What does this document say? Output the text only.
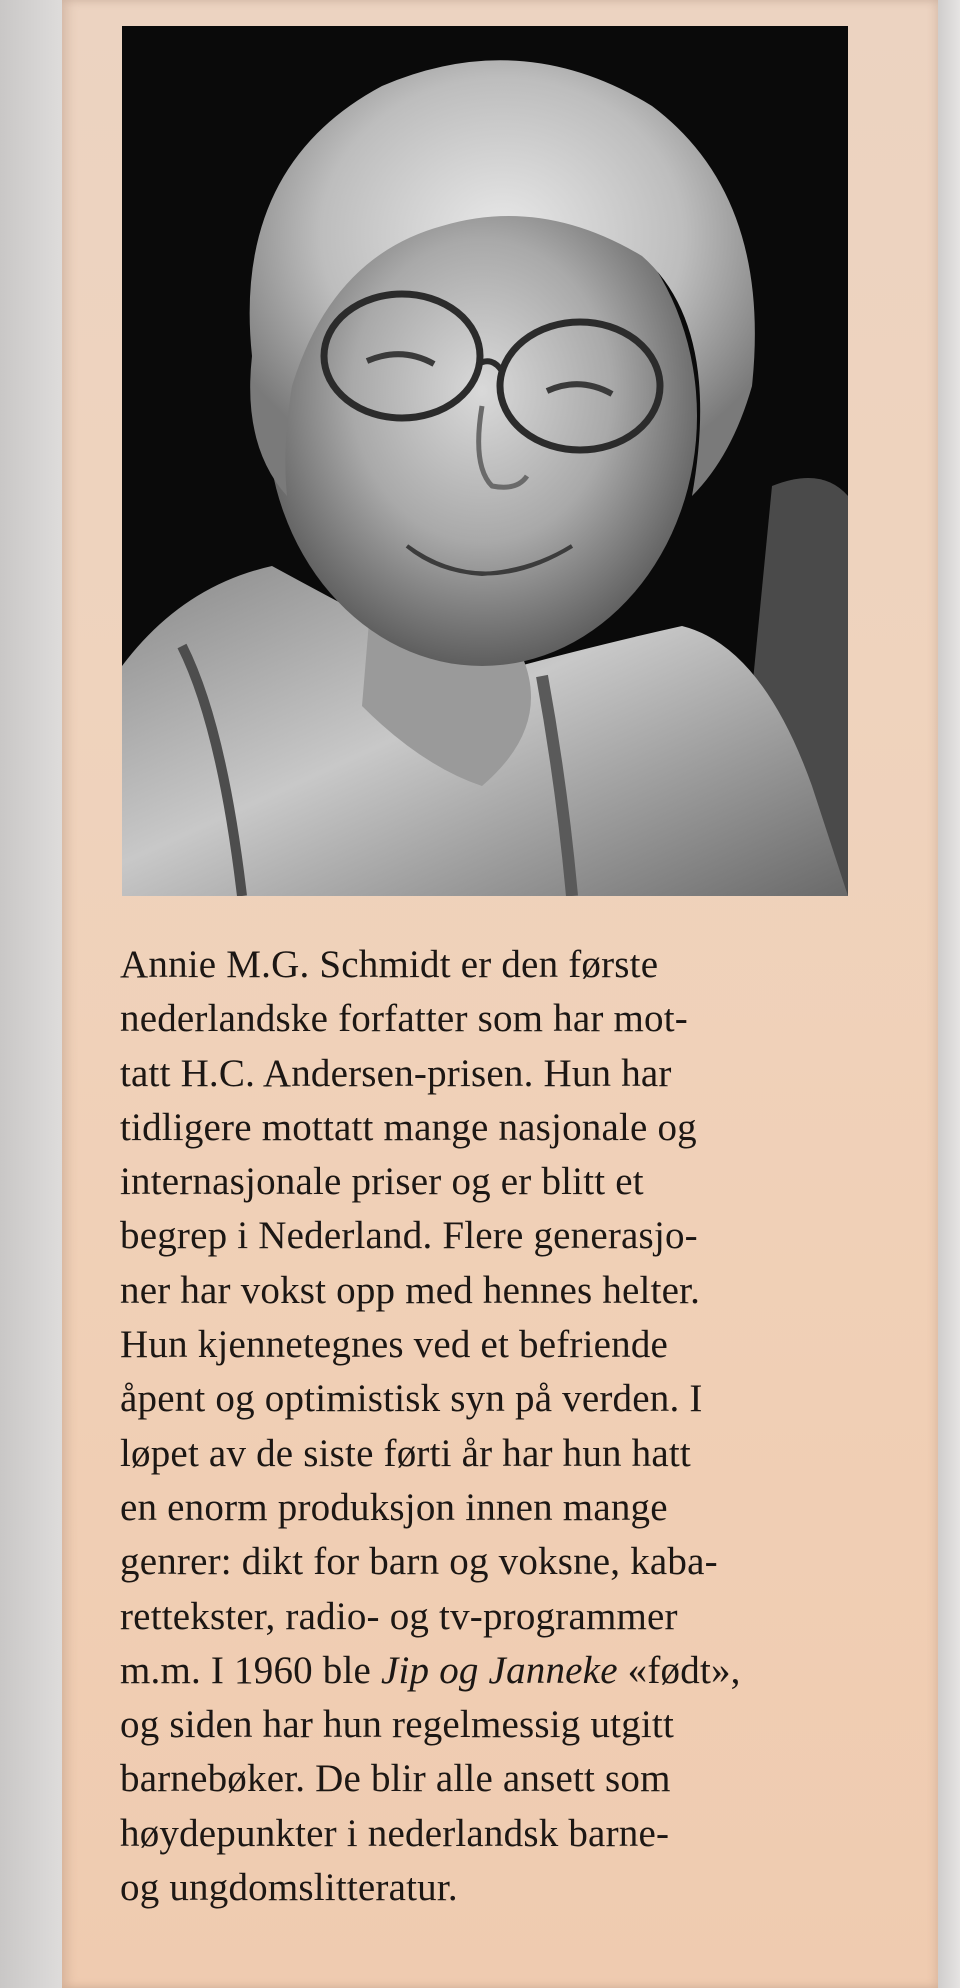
Annie M.G. Schmidt er den første
nederlandske forfatter som har mot-
tatt H.C. Andersen-prisen. Hun har
tidligere mottatt mange nasjonale og
internasjonale priser og er blitt et
begrep i Nederland. Flere generasjo-
ner har vokst opp med hennes helter.
Hun kjennetegnes ved et befriende
åpent og optimistisk syn på verden. I
løpet av de siste førti år har hun hatt
en enorm produksjon innen mange
genrer: dikt for barn og voksne, kaba-
rettekster, radio- og tv-programmer
m.m. I 1960 ble Jip og Janneke «født»,
og siden har hun regelmessig utgitt
barnebøker. De blir alle ansett som
høydepunkter i nederlandsk barne-
og ungdomslitteratur.
